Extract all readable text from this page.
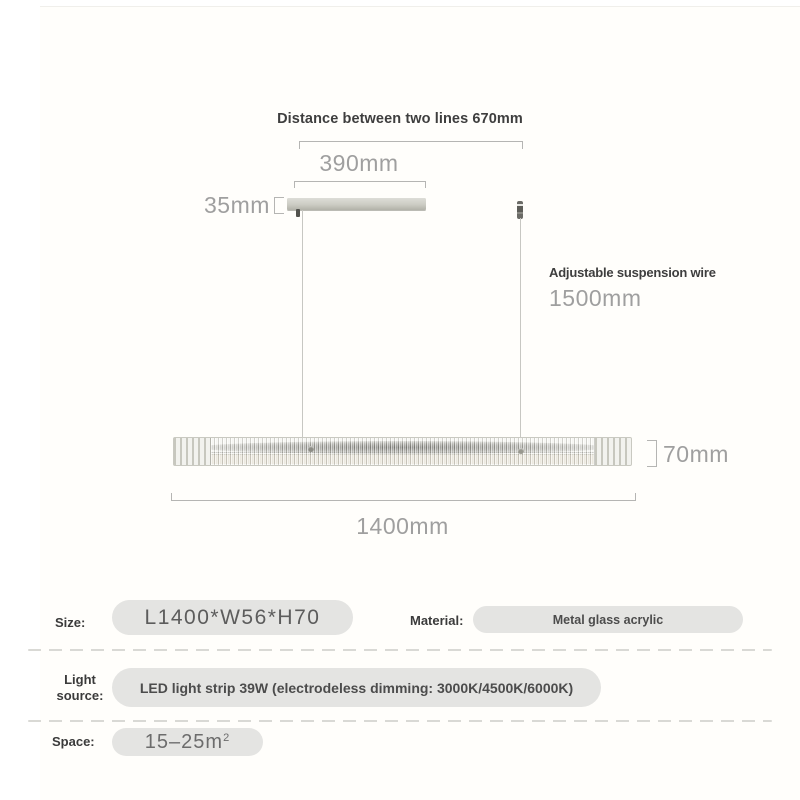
Distance between two lines 670mm
390mm
35mm
Adjustable suspension wire
1500mm
70mm
1400mm
Size:	L1400*W56*H70	Material:	Metal glass acrylic
Light source:	LED light strip 39W (electrodeless dimming: 3000K/4500K/6000K)
Space:	$15-25m^2$
